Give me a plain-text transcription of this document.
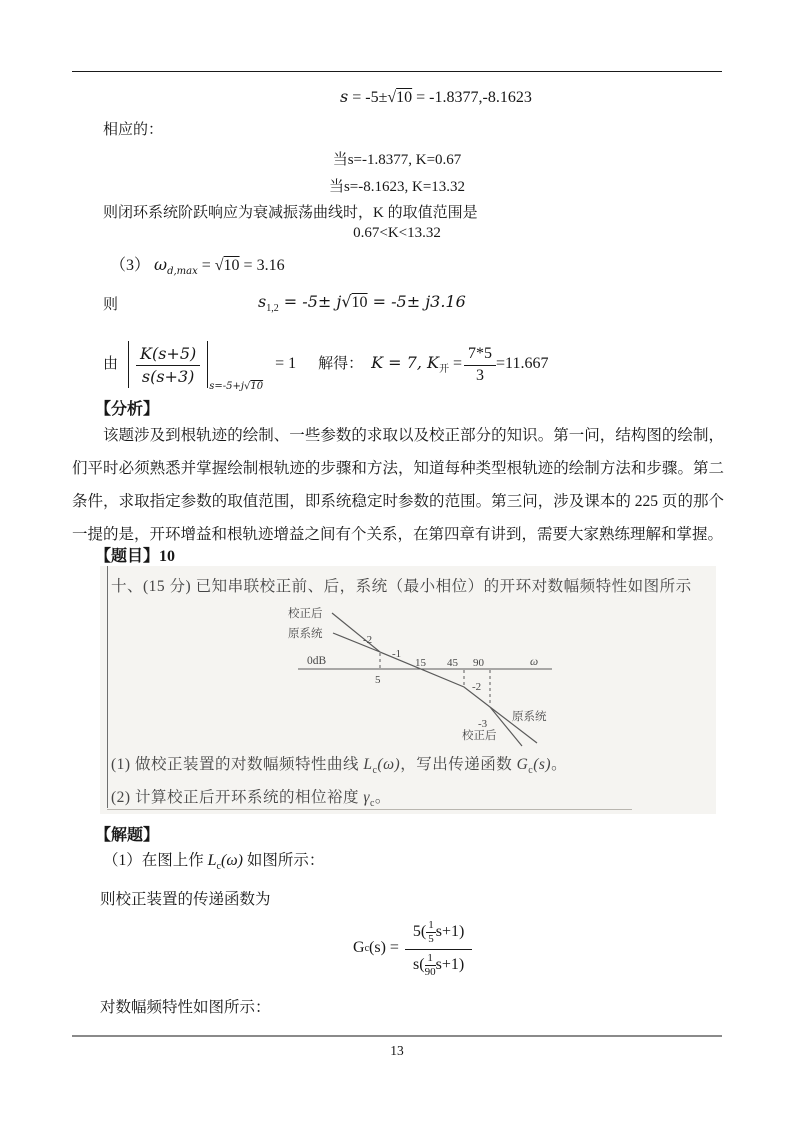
s = -5±√10 = -1.8377,-8.1623
相应的：
当s=-1.8377, K=0.67
当s=-8.1623, K=13.32
则闭环系统阶跃响应为衰减振荡曲线时，K 的取值范围是
0.67<K<13.32
（3） $\omega_{d,max} = √10 = 3.16$
则	$s_{1,2} = -5\pm j√10 = -5\pm j3.16$
由 $\frac{K(s+5)}{s(s+3)}$
s=-5+j√10
= 1 解得： K = 7, $K_开 = \frac{7*5}{3} =11.667$
【分析】
该题涉及到根轨迹的绘制、一些参数的求取以及校正部分的知识。第一问，结构图的绘制，
们平时必须熟悉并掌握绘制根轨迹的步骤和方法，知道每种类型根轨迹的绘制方法和步骤。第二
条件，求取指定参数的取值范围，即系统稳定时参数的范围。第三问，涉及课本的 225 页的那个
一提的是，开环增益和根轨迹增益之间有个关系，在第四章有讲到，需要大家熟练理解和掌握。
【题目】10
十、(15 分) 已知串联校正前、后，系统（最小相位）的开环对数幅频特性如图所示
校正后
原系统	-2
-1
0dB	15 45 90	ω
5
-2
-3
原系统
校正后
(1) 做校正装置的对数幅频特性曲线 $L_c(\omega)$，写出传递函数 $G_c(s)$。
(2) 计算校正后开环系统的相位裕度 $\gamma_c$。
【解题】
（1）在图上作 $L_c(\omega)$ 如图所示：
则校正装置的传递函数为
G c $(s) = \frac{5( \frac{1}{5} s+1)}{s( \frac{1}{90} s+1)}$
对数幅频特性如图所示：
13
